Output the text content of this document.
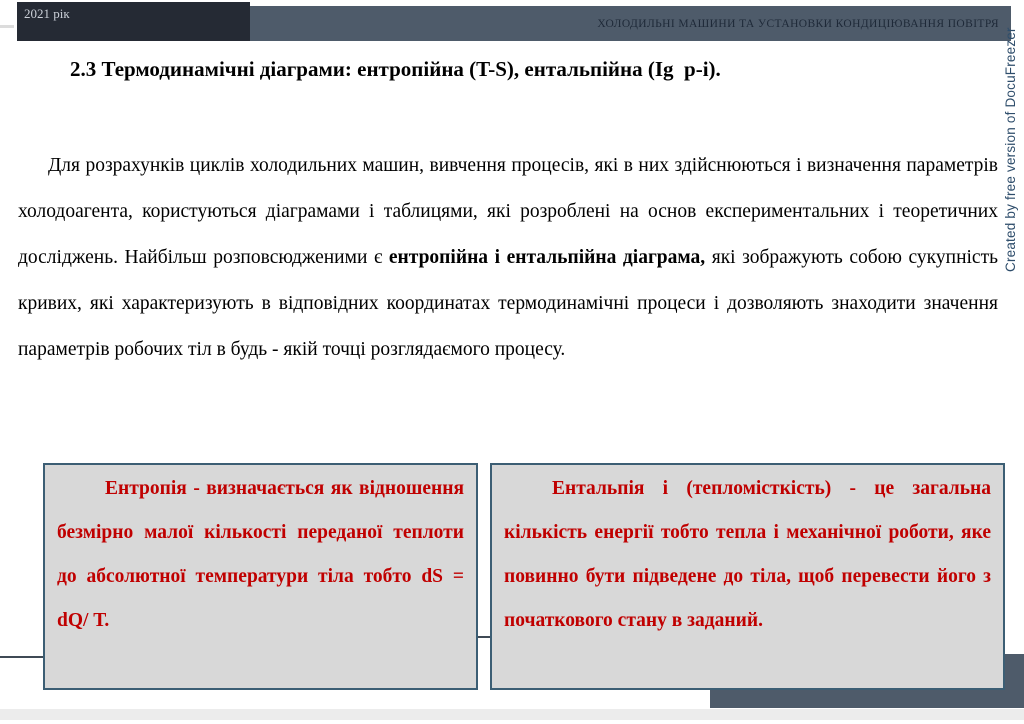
ХОЛОДИЛЬНІ МАШИНИ ТА УСТАНОВКИ КОНДИЦІЮВАННЯ ПОВІТРЯ
2021 рік
2.3 Термодинамічні діаграми: ентропійна (T-S), ентальпійна (Ig  p-i).

Для розрахунків циклів холодильних машин, вивчення процесів, які в них здійснюються і визначення параметрів холодоагента, користуються діаграмами і таблицями, які розроблені на основ експериментальних і теоретичних досліджень. Найбільш розповсюдженими є ентропійна і ентальпійна діаграма, які зображують собою сукупність кривих, які характеризують в відповідних координатах термодинамічні процеси і дозволяють знаходити значення параметрів робочих тіл в будь - якій точці розглядаємого процесу.

Ентропія - визначається як відношення безмірно малої кількості переданої теплоти до абсолютної температури тіла тобто dS = dQ/ Т.

Ентальпія і (тепломісткість) - це загальна кількість енергії тобто тепла і механічної роботи, яке повинно бути підведене до тіла, щоб перевести його з початкового стану в заданий.

Created by free version of DocuFreezer
